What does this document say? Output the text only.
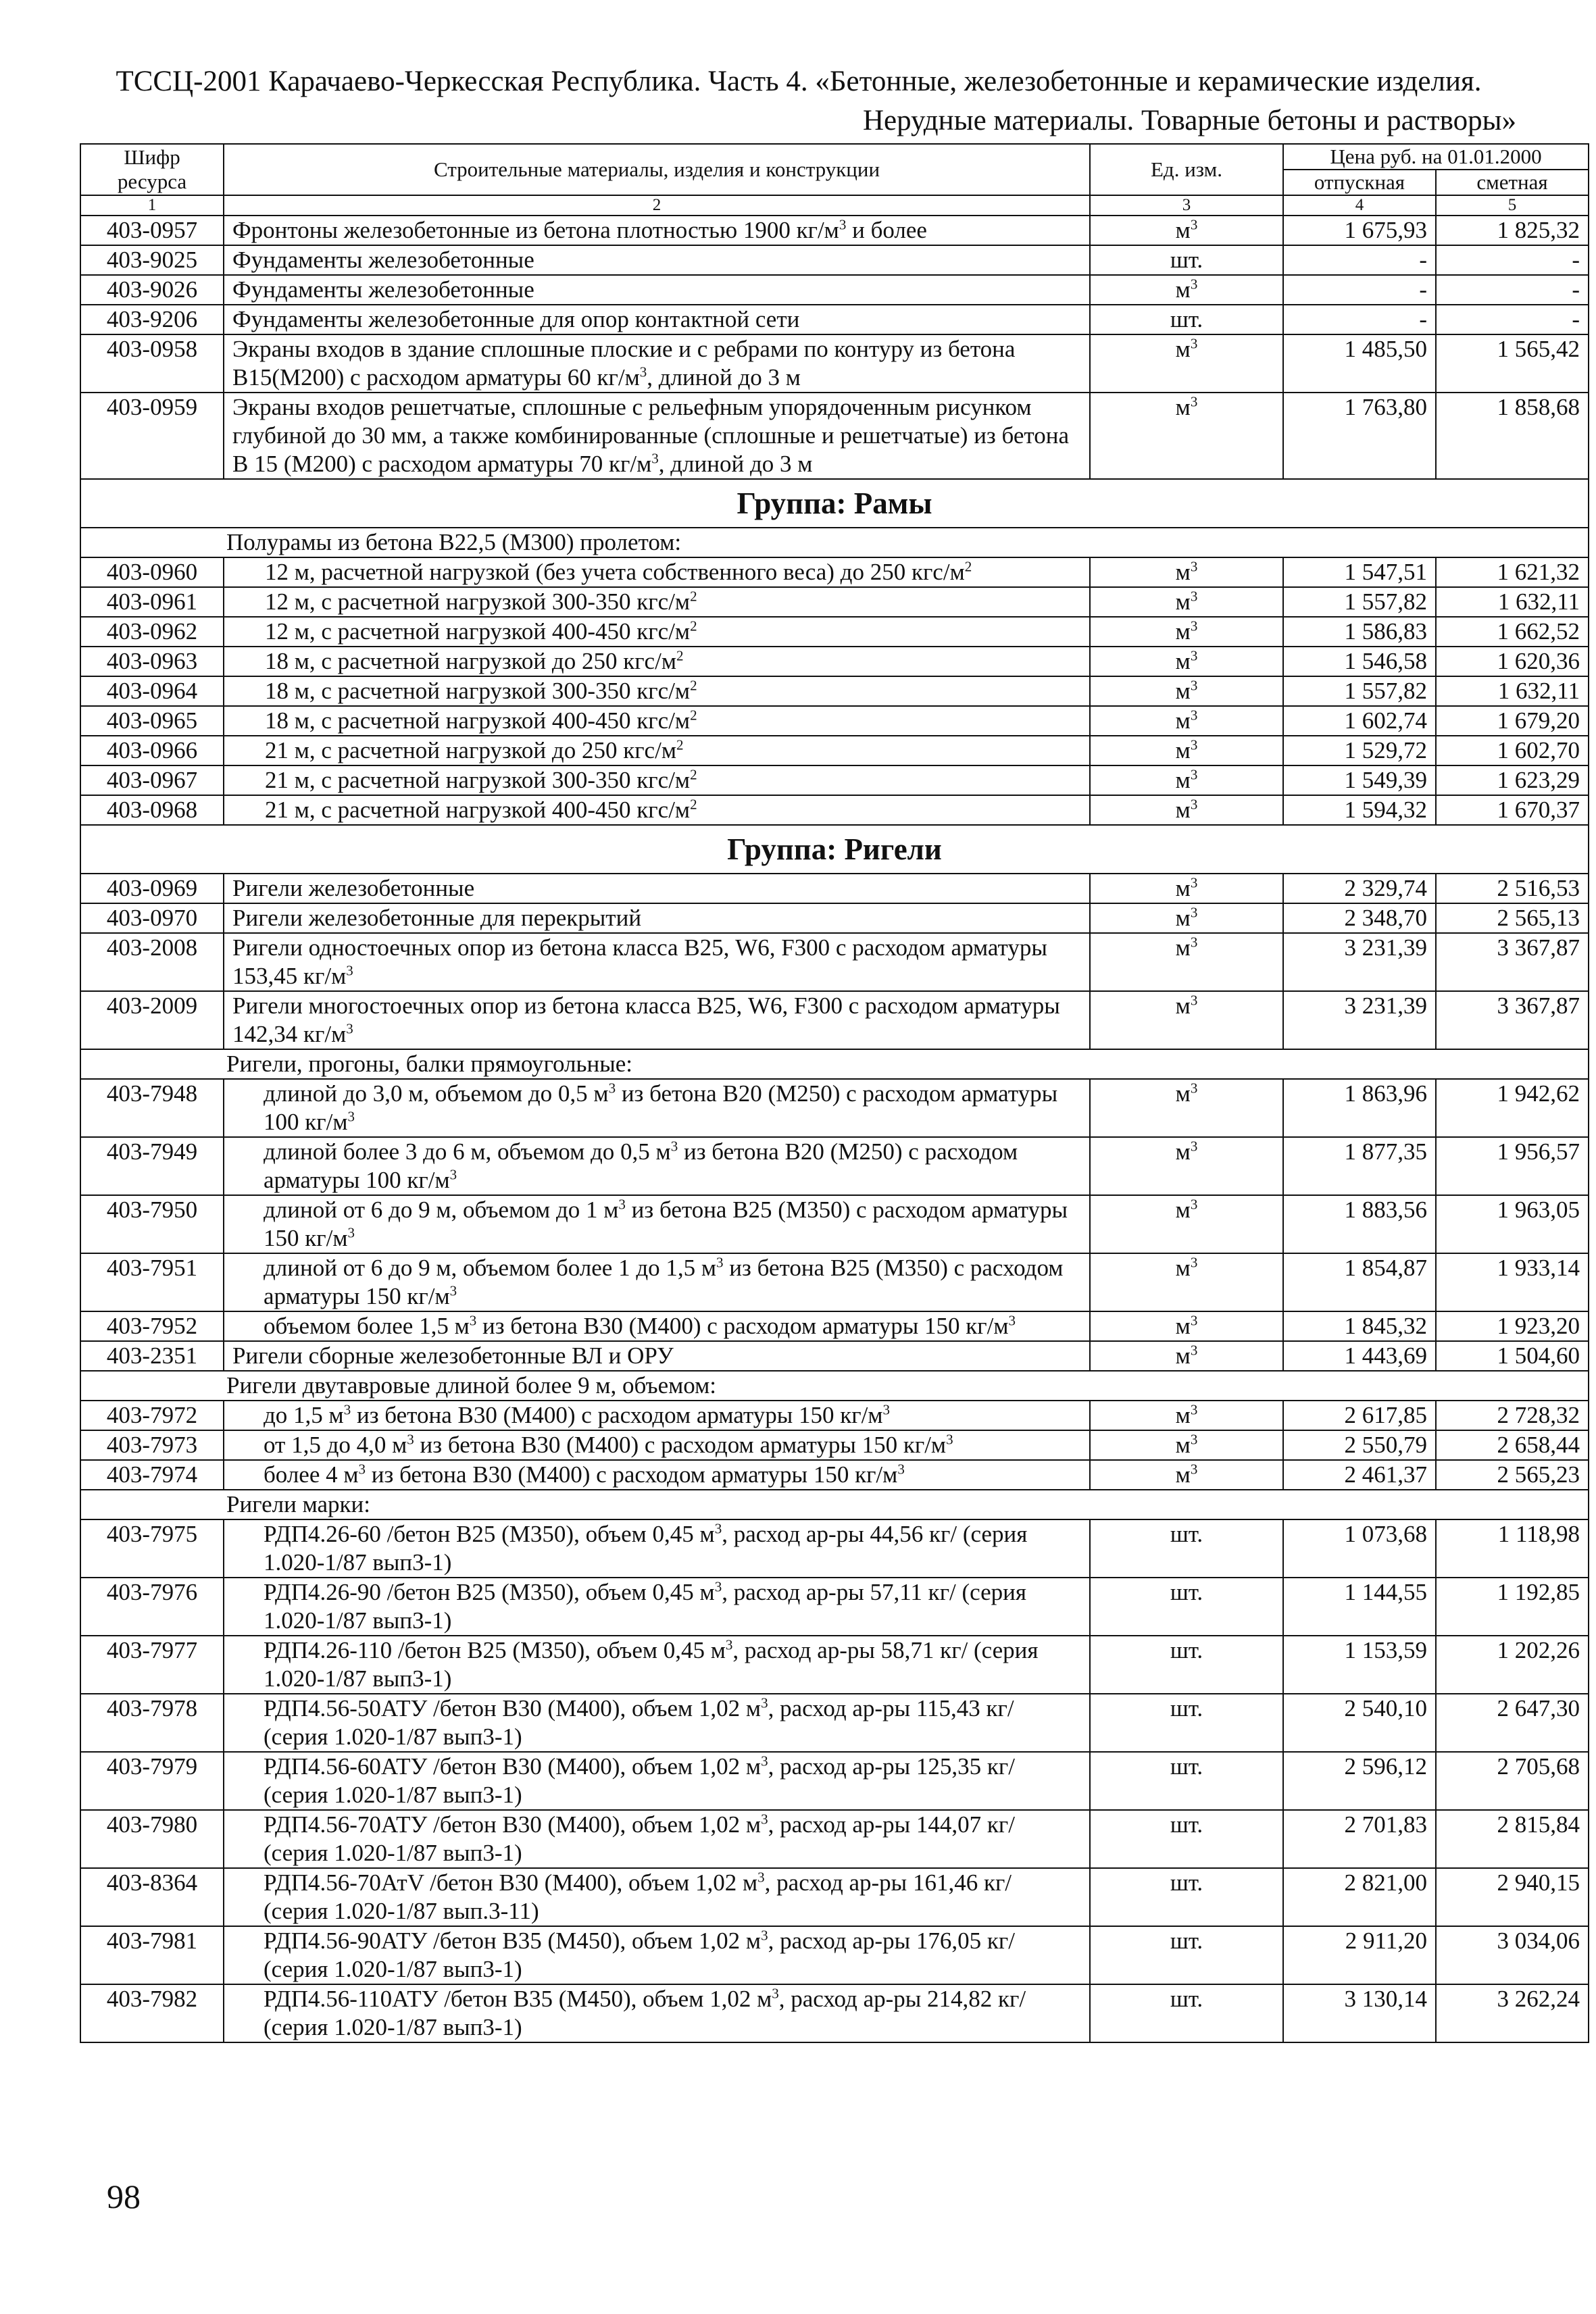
ТССЦ-2001 Карачаево-Черкесская Республика. Часть 4. «Бетонные, железобетонные и керамические изделия.
Нерудные материалы. Товарные бетоны и растворы»
Шифр ресурса	Строительные материалы, изделия и конструкции	Ед. изм.	Цена руб. на 01.01.2000	
			отпускная	сметная
1	2	3	4	5
403-0957	Фронтоны железобетонные из бетона плотностью 1900 $кг/м^3$ и более	$м^3$	1 675,93	1 825,32
403-9025	Фундаменты железобетонные	шт.	-	-
403-9026	Фундаменты железобетонные	$м^3$	-	-
403-9206	Фундаменты железобетонные для опор контактной сети	шт.	-	-
403-0958	Экраны входов в здание сплошные плоские и с ребрами по контуру из бетона В15(М200) с расходом арматуры 60 $кг/м^3$, длиной до 3 м	$м^3$	1 485,50	1 565,42
403-0959	Экраны входов решетчатые, сплошные с рельефным упорядоченным рисунком глубиной до 30 мм, а также комбинированные (сплошные и решетчатые) из бетона В 15 (М200) с расходом арматуры 70 $кг/м^3$, длиной до 3 м	$м^3$	1 763,80	1 858,68
Группа: Рамы				
	Полурамы из бетона В22,5 (М300) пролетом:			
403-0960	12 м, расчетной нагрузкой (без учета собственного веса) до 250 кгс/$м^2$	$м^3$	1 547,51	1 621,32
403-0961	12 м, с расчетной нагрузкой 300-350 кгс/$м^2$	$м^3$	1 557,82	1 632,11
403-0962	12 м, с расчетной нагрузкой 400-450 кгс/$м^2$	$м^3$	1 586,83	1 662,52
403-0963	18 м, с расчетной нагрузкой до 250 кгс/$м^2$	$м^3$	1 546,58	1 620,36
403-0964	18 м, с расчетной нагрузкой 300-350 кгс/$м^2$	$м^3$	1 557,82	1 632,11
403-0965	18 м, с расчетной нагрузкой 400-450 кгс/$м^2$	$м^3$	1 602,74	1 679,20
403-0966	21 м, с расчетной нагрузкой до 250 кгс/$м^2$	$м^3$	1 529,72	1 602,70
403-0967	21 м, с расчетной нагрузкой 300-350 кгс/$м^2$	$м^3$	1 549,39	1 623,29
403-0968	21 м, с расчетной нагрузкой 400-450 кгс/$м^2$	$м^3$	1 594,32	1 670,37
Группа: Ригели				
403-0969	Ригели железобетонные	$м^3$	2 329,74	2 516,53
403-0970	Ригели железобетонные для перекрытий	$м^3$	2 348,70	2 565,13
403-2008	Ригели одностоечных опор из бетона класса В25, W6, F300 с расходом арматуры 153,45 $кг/м^3$	$м^3$	3 231,39	3 367,87
403-2009	Ригели многостоечных опор из бетона класса В25, W6, F300 с расходом арматуры 142,34 $кг/м^3$	$м^3$	3 231,39	3 367,87
	Ригели, прогоны, балки прямоугольные:			
403-7948	длиной до 3,0 м, объемом до 0,5 $м^3$ из бетона В20 (М250) с расходом арматуры 100 $кг/м^3$	$м^3$	1 863,96	1 942,62
403-7949	длиной более 3 до 6 м, объемом до 0,5 $м^3$ из бетона В20 (М250) с расходом арматуры 100 $кг/м^3$	$м^3$	1 877,35	1 956,57
403-7950	длиной от 6 до 9 м, объемом до 1 $м^3$ из бетона В25 (М350) с расходом арматуры 150 $кг/м^3$	$м^3$	1 883,56	1 963,05
403-7951	длиной от 6 до 9 м, объемом более 1 до 1,5 $м^3$ из бетона В25 (М350) с расходом арматуры 150 $кг/м^3$	$м^3$	1 854,87	1 933,14
403-7952	объемом более 1,5 $м^3$ из бетона В30 (М400) с расходом арматуры 150 $кг/м^3$	$м^3$	1 845,32	1 923,20
403-2351	Ригели сборные железобетонные ВЛ и ОРУ	$м^3$	1 443,69	1 504,60
	Ригели двутавровые длиной более 9 м, объемом:			
403-7972	до 1,5 $м^3$ из бетона В30 (М400) с расходом арматуры 150 $кг/м^3$	$м^3$	2 617,85	2 728,32
403-7973	от 1,5 до 4,0 $м^3$ из бетона В30 (М400) с расходом арматуры 150 $кг/м^3$	$м^3$	2 550,79	2 658,44
403-7974	более 4 $м^3$ из бетона В30 (М400) с расходом арматуры 150 $кг/м^3$	$м^3$	2 461,37	2 565,23
	Ригели марки:			
403-7975	РДП4.26-60 /бетон В25 (М350), объем 0,45 $м^3$, расход ар-ры 44,56 кг/ (серия 1.020-1/87 вып3-1)	шт.	1 073,68	1 118,98
403-7976	РДП4.26-90 /бетон В25 (М350), объем 0,45 $м^3$, расход ар-ры 57,11 кг/ (серия 1.020-1/87 вып3-1)	шт.	1 144,55	1 192,85
403-7977	РДП4.26-110 /бетон В25 (М350), объем 0,45 $м^3$, расход ар-ры 58,71 кг/ (серия 1.020-1/87 вып3-1)	шт.	1 153,59	1 202,26
403-7978	РДП4.56-50АТУ /бетон В30 (М400), объем 1,02 $м^3$, расход ар-ры 115,43 кг/ (серия 1.020-1/87 вып3-1)	шт.	2 540,10	2 647,30
403-7979	РДП4.56-60АТУ /бетон В30 (М400), объем 1,02 $м^3$, расход ар-ры 125,35 кг/ (серия 1.020-1/87 вып3-1)	шт.	2 596,12	2 705,68
403-7980	РДП4.56-70АТУ /бетон В30 (М400), объем 1,02 $м^3$, расход ар-ры 144,07 кг/ (серия 1.020-1/87 вып3-1)	шт.	2 701,83	2 815,84
403-8364	РДП4.56-70АтV /бетон В30 (М400), объем 1,02 $м^3$, расход ар-ры 161,46 кг/ (серия 1.020-1/87 вып.3-11)	шт.	2 821,00	2 940,15
403-7981	РДП4.56-90АТУ /бетон В35 (М450), объем 1,02 $м^3$, расход ар-ры 176,05 кг/ (серия 1.020-1/87 вып3-1)	шт.	2 911,20	3 034,06
403-7982	РДП4.56-110АТУ /бетон В35 (М450), объем 1,02 $м^3$, расход ар-ры 214,82 кг/ (серия 1.020-1/87 вып3-1)	шт.	3 130,14	3 262,24
98
